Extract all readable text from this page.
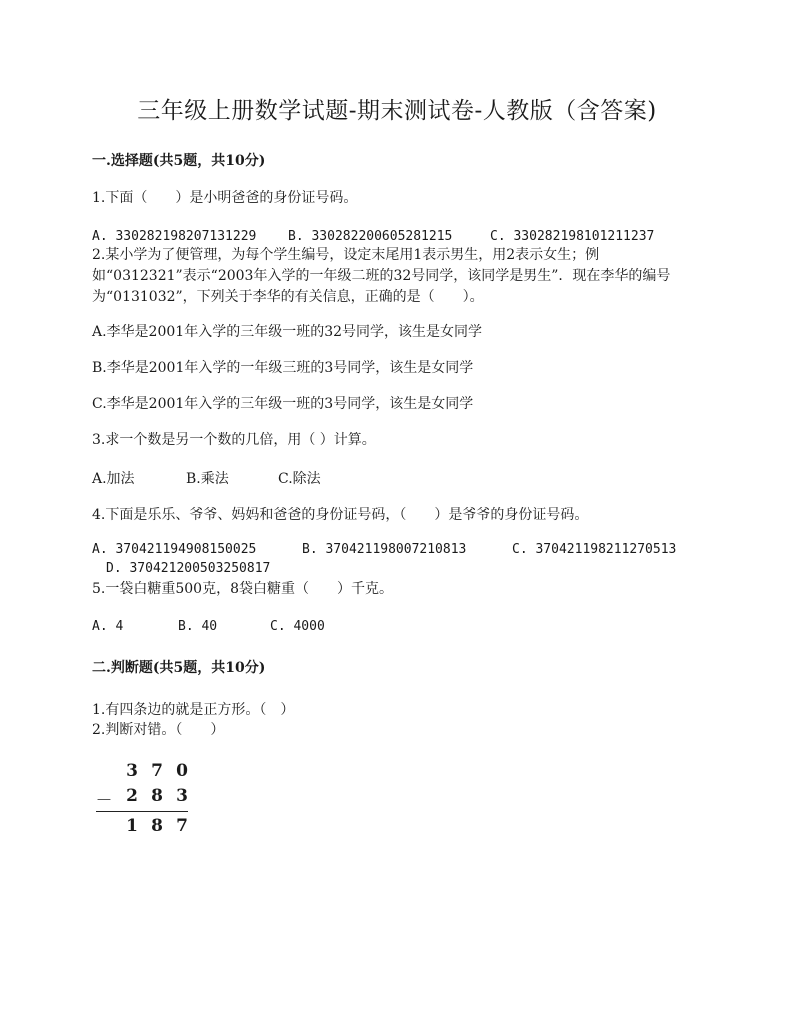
三年级上册数学试题-期末测试卷-人教版（含答案)
一.选择题(共5题，共10分)
1.下面（　　）是小明爸爸的身份证号码。
A. 330282198207131229 B. 330282200605281215	C. 330282198101211237
2.某小学为了便管理，为每个学生编号，设定末尾用1表示男生，用2表示女生；例如“0312321”表示“2003年入学的一年级二班的32号同学，该同学是男生”．现在李华的编号为“0131032”，下列关于李华的有关信息，正确的是（　　）。
A.李华是2001年入学的三年级一班的32号同学，该生是女同学
B.李华是2001年入学的一年级三班的3号同学，该生是女同学
C.李华是2001年入学的三年级一班的3号同学，该生是女同学
3.求一个数是另一个数的几倍，用（ ）计算。
A.加法	B.乘法	C.除法
4.下面是乐乐、爷爷、妈妈和爸爸的身份证号码，（　　）是爷爷的身份证号码。
A. 370421194908150025	B. 370421198007210813	C. 370421198211270513
D. 370421200503250817
5.一袋白糖重500克，8袋白糖重（　　）千克。
A. 4	B. 40	C. 4000
二.判断题(共5题，共10分)
1.有四条边的就是正方形。（　）
2.判断对错。（　　）
3 7 0
－ 2 8 3
1 8 7
